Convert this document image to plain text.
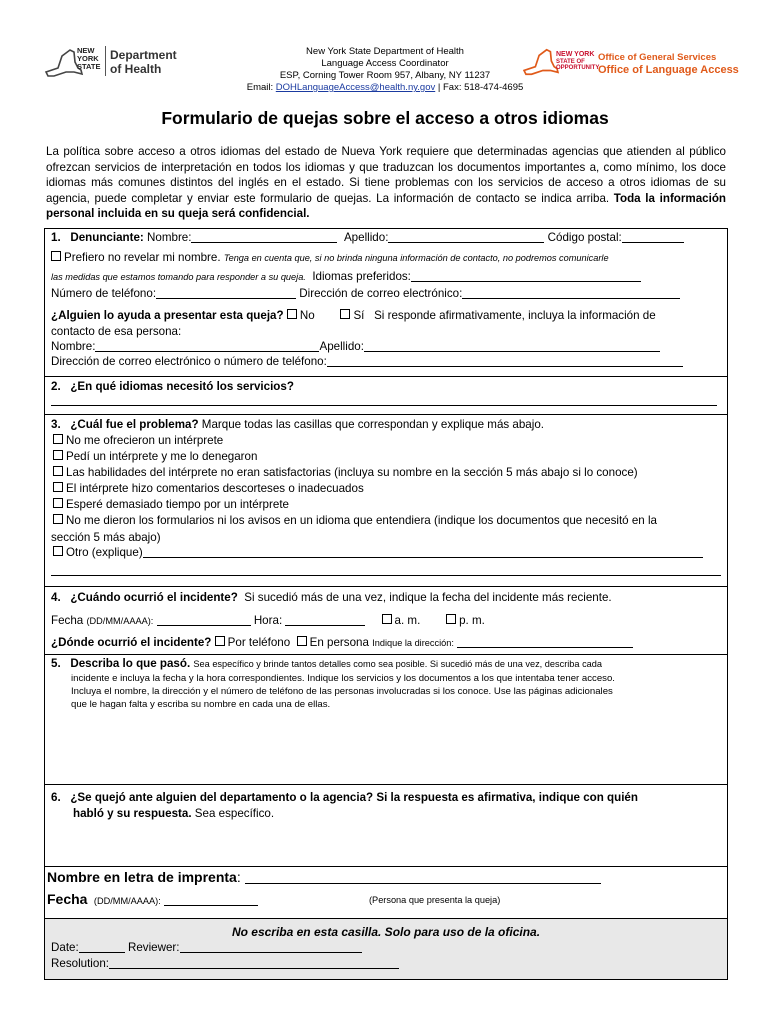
NEW
YORK
STATE
Department
of Health
New York State Department of Health
Language Access Coordinator
ESP, Corning Tower Room 957, Albany, NY 11237
Email: DOHLanguageAccess@health.ny.gov | Fax: 518-474-4695
NEW YORK
STATE OF
OPPORTUNITY.
Office of General Services
Office of Language Access
Formulario de quejas sobre el acceso a otros idiomas
La política sobre acceso a otros idiomas del estado de Nueva York requiere que determinadas agencias que atienden al público ofrezcan servicios de interpretación en todos los idiomas y que traduzcan los documentos importantes a, como mínimo, los doce idiomas más comunes distintos del inglés en el estado. Si tiene problemas con los servicios de acceso a otros idiomas de su agencia, puede completar y enviar este formulario de quejas. La información de contacto se indica arriba. Toda la información personal incluida en su queja será confidencial.
1. Denunciante: Nombre:	Apellido:	Código postal:
Prefiero no revelar mi nombre. Tenga en cuenta que, si no brinda ninguna información de contacto, no podremos comunicarle
las medidas que estamos tomando para responder a su queja. Idiomas preferidos:
Número de teléfono:	Dirección de correo electrónico:
¿Alguien lo ayuda a presentar esta queja? No	Sí Si responde afirmativamente, incluya la información de
contacto de esa persona:
Nombre:	Apellido:
Dirección de correo electrónico o número de teléfono:
2. ¿En qué idiomas necesitó los servicios?
3. ¿Cuál fue el problema? Marque todas las casillas que correspondan y explique más abajo.
No me ofrecieron un intérprete
Pedí un intérprete y me lo denegaron
Las habilidades del intérprete no eran satisfactorias (incluya su nombre en la sección 5 más abajo si lo conoce)
El intérprete hizo comentarios descorteses o inadecuados
Esperé demasiado tiempo por un intérprete
No me dieron los formularios ni los avisos en un idioma que entendiera (indique los documentos que necesitó en la
sección 5 más abajo)
Otro (explique)
4. ¿Cuándo ocurrió el incidente? Si sucedió más de una vez, indique la fecha del incidente más reciente.
Fecha (DD/MM/AAAA):	Hora:	a. m.	p. m.
¿Dónde ocurrió el incidente? Por teléfono En persona Indique la dirección:
5. Describa lo que pasó. Sea específico y brinde tantos detalles como sea posible. Si sucedió más de una vez, describa cada
incidente e incluya la fecha y la hora correspondientes. Indique los servicios y los documentos a los que intentaba tener acceso.
Incluya el nombre, la dirección y el número de teléfono de las personas involucradas si los conoce. Use las páginas adicionales
que le hagan falta y escriba su nombre en cada una de ellas.
6. ¿Se quejó ante alguien del departamento o la agencia? Si la respuesta es afirmativa, indique con quién
habló y su respuesta. Sea específico.
Nombre en letra de imprenta:
Fecha (DD/MM/AAAA):	(Persona que presenta la queja)
No escriba en esta casilla. Solo para uso de la oficina.
Date:	Reviewer:
Resolution:
